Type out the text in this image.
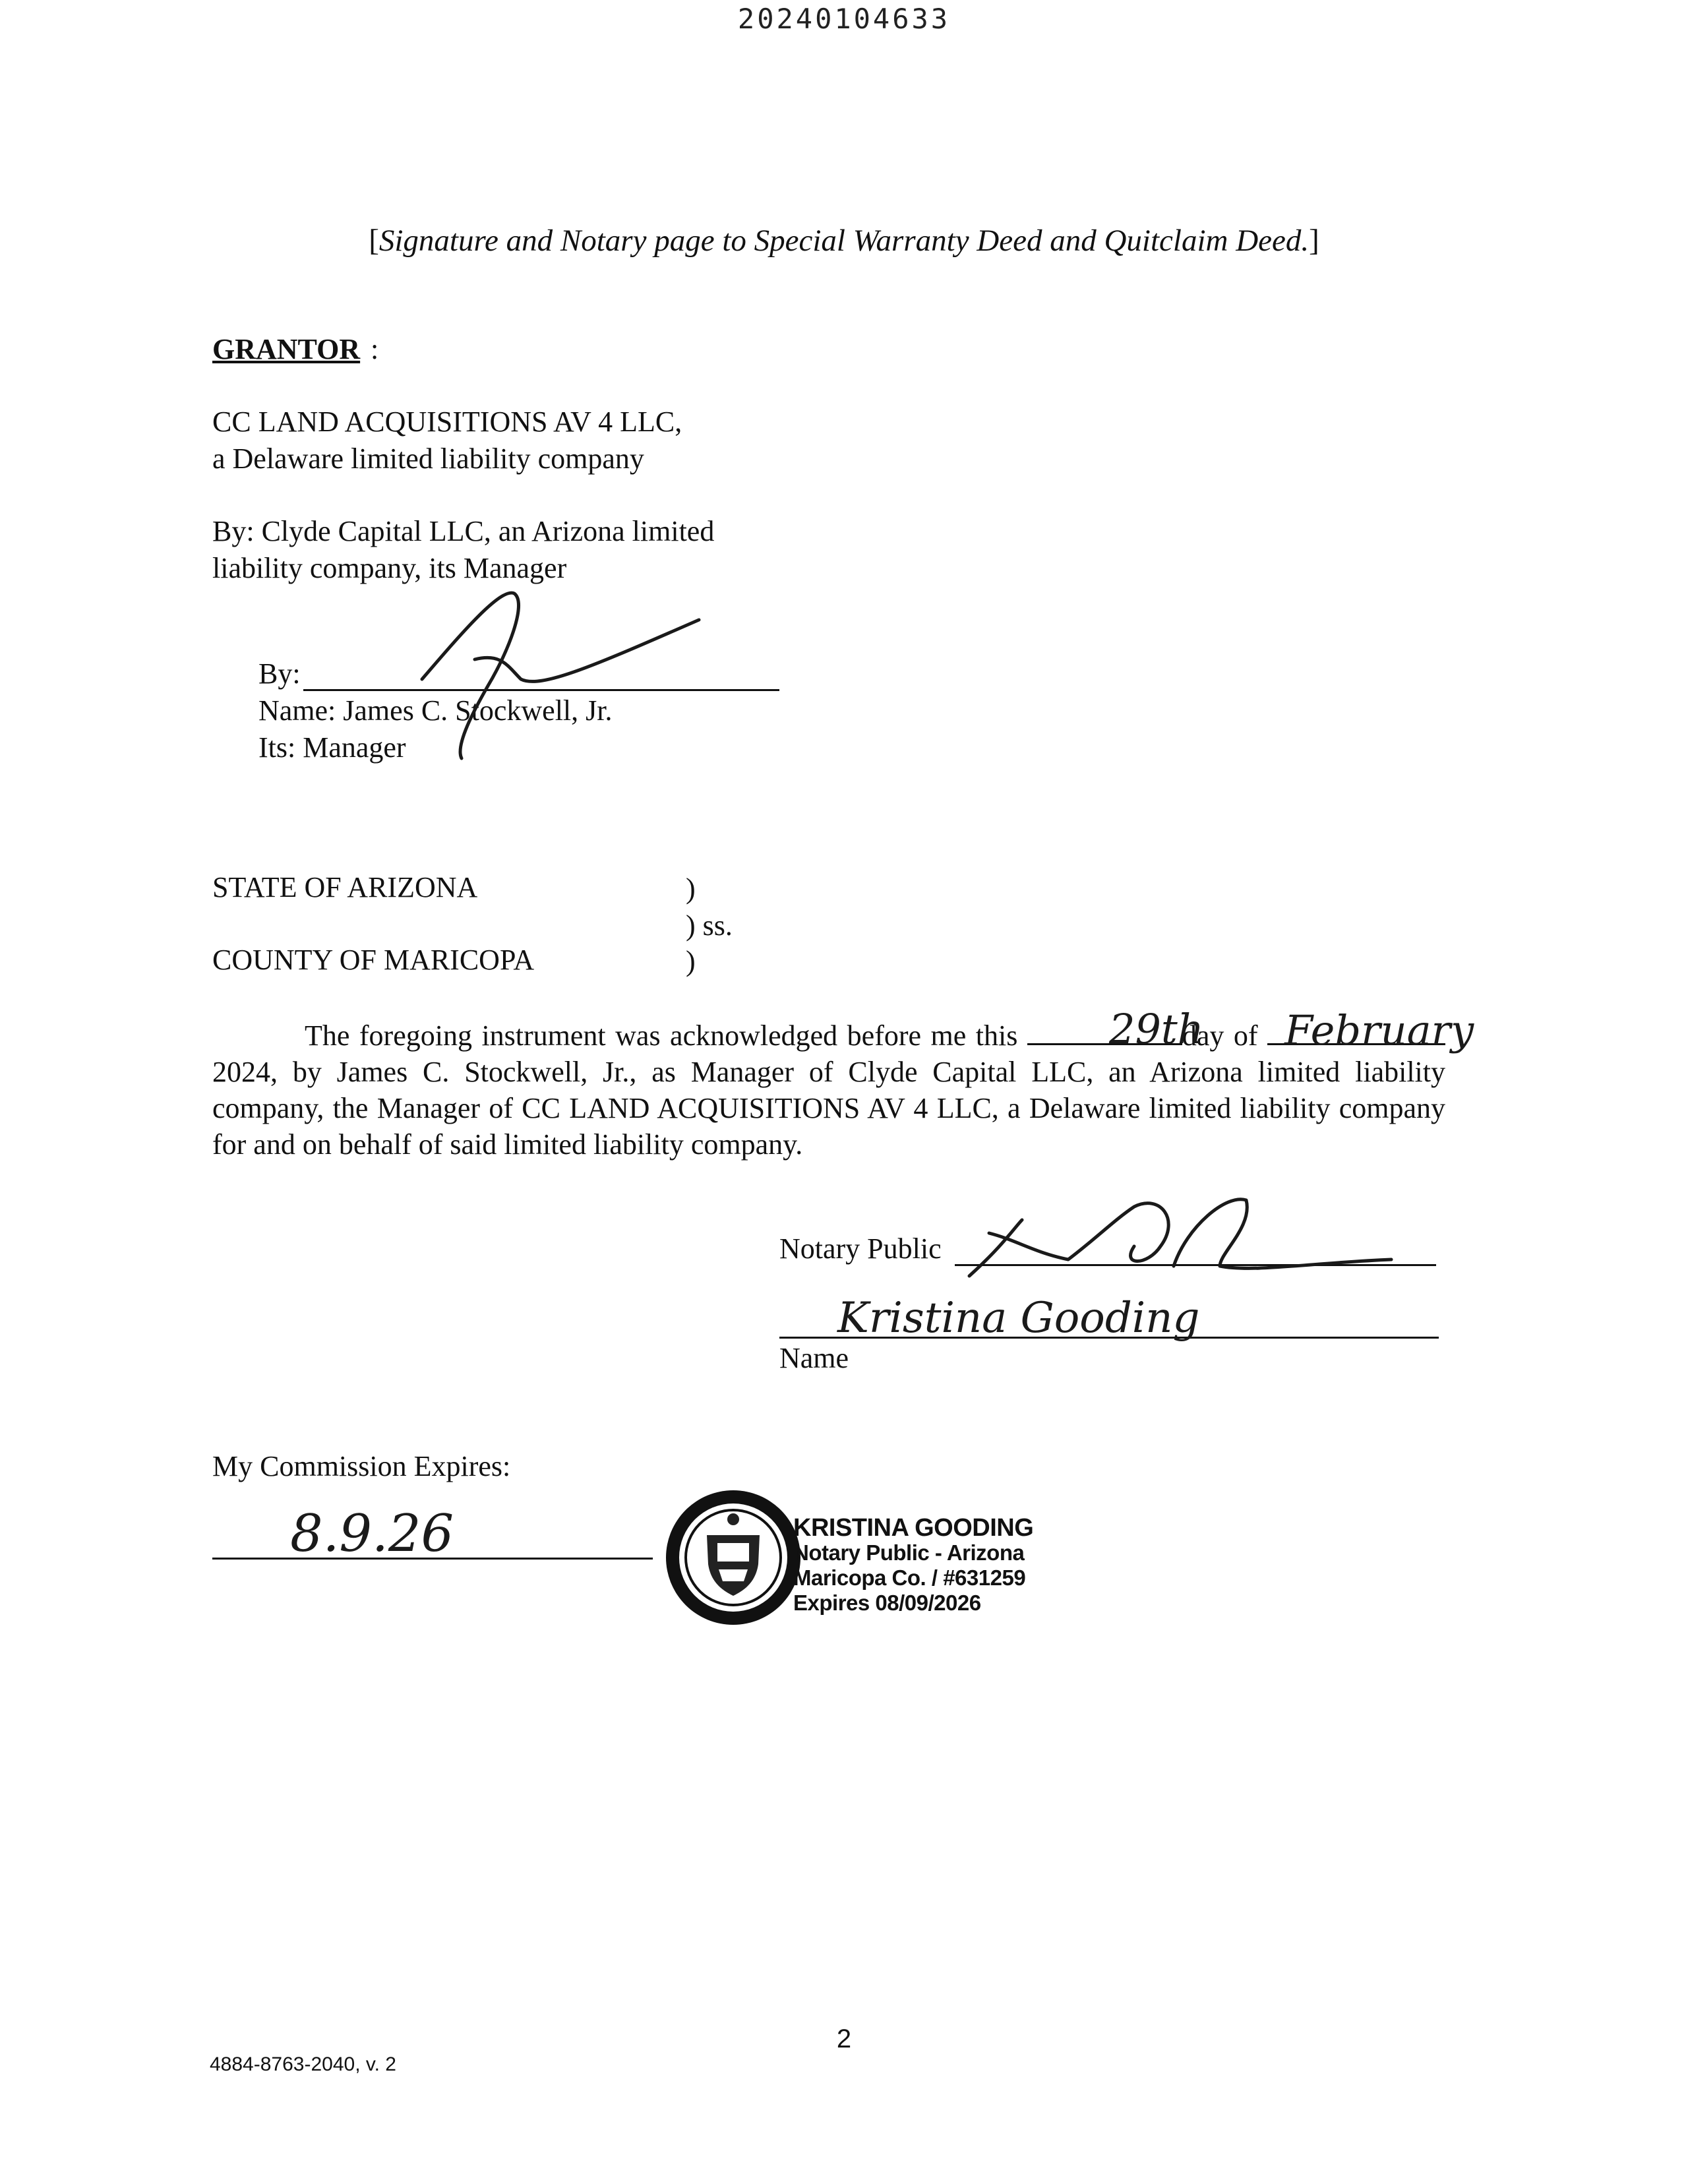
20240104633
[Signature and Notary page to Special Warranty Deed and Quitclaim Deed.]
GRANTOR :
CC LAND ACQUISITIONS AV 4 LLC,
a Delaware limited liability company
By: Clyde Capital LLC, an Arizona limited
liability company, its Manager
By:
Name: James C. Stockwell, Jr.
Its: Manager
STATE OF ARIZONA
COUNTY OF MARICOPA
)
) ss.
)
The foregoing instrument was acknowledged before me this	day of
2024, by James C. Stockwell, Jr., as Manager of Clyde Capital LLC, an Arizona limited liability company, the Manager of CC LAND ACQUISITIONS AV 4 LLC, a Delaware limited liability company for and on behalf of said limited liability company.
29th February
Notary Public
Kristina Gooding
Name
My Commission Expires:
8.9.26	KRISTINA GOODING
Notary Public - Arizona
Maricopa Co. / #631259
Expires 08/09/2026
2
4884-8763-2040, v. 2
